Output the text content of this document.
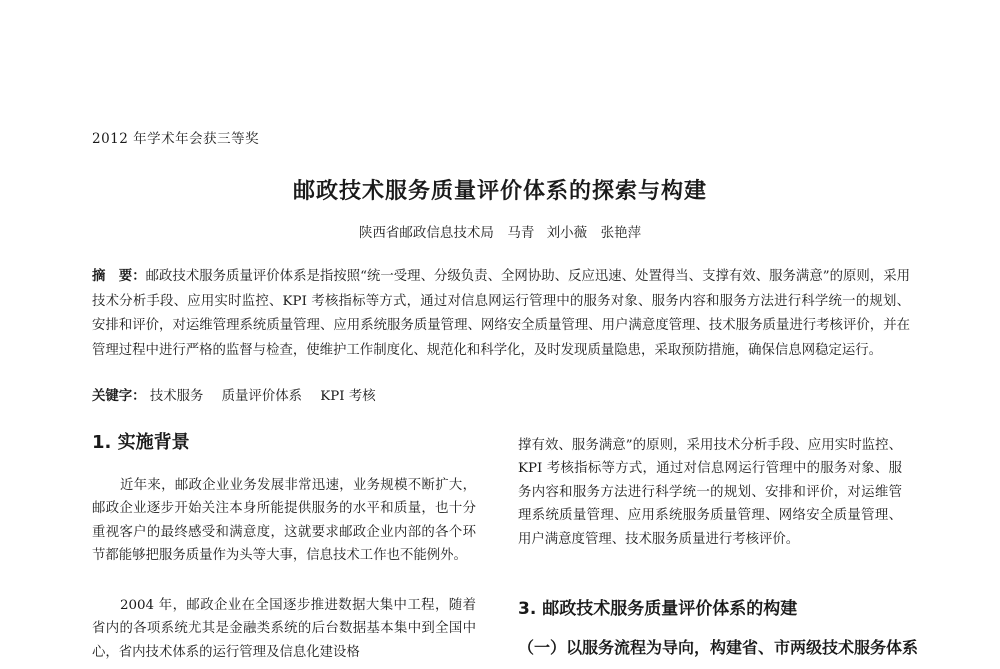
2012 年学术年会获三等奖
邮政技术服务质量评价体系的探索与构建
陕西省邮政信息技术局　马青 刘小薇　张艳萍

摘　要：邮政技术服务质量评价体系是指按照“统一受理、分级负责、全网协助、反应迅速、处置得当、支撑有效、服务满意”的原则，采用技术分析手段、应用实时监控、KPI 考核指标等方式，通过对信息网运行管理中的服务对象、服务内容和服务方法进行科学统一的规划、安排和评价，对运维管理系统质量管理、应用系统服务质量管理、网络安全质量管理、用户满意度管理、技术服务质量进行考核评价，并在管理过程中进行严格的监督与检查，使维护工作制度化、规范化和科学化，及时发现质量隐患，采取预防措施，确保信息网稳定运行。

关键字： 技术服务 质量评价体系 KPI 考核
1. 实施背景

近年来，邮政企业业务发展非常迅速，业务规模不断扩大，邮政企业逐步开始关注本身所能提供服务的水平和质量，也十分重视客户的最终感受和满意度，这就要求邮政企业内部的各个环节都能够把服务质量作为头等大事，信息技术工作也不能例外。

2004 年，邮政企业在全国逐步推进数据大集中工程，随着省内的各项系统尤其是金融类系统的后台数据基本集中到全国中心，省内技术体系的运行管理及信息化建设格

撑有效、服务满意”的原则，采用技术分析手段、应用实时监控、KPI 考核指标等方式，通过对信息网运行管理中的服务对象、服务内容和服务方法进行科学统一的规划、安排和评价，对运维管理系统质量管理、应用系统服务质量管理、网络安全质量管理、用户满意度管理、技术服务质量进行考核评价。

3. 邮政技术服务质量评价体系的构建
（一）以服务流程为导向，构建省、市两级技术服务体系
